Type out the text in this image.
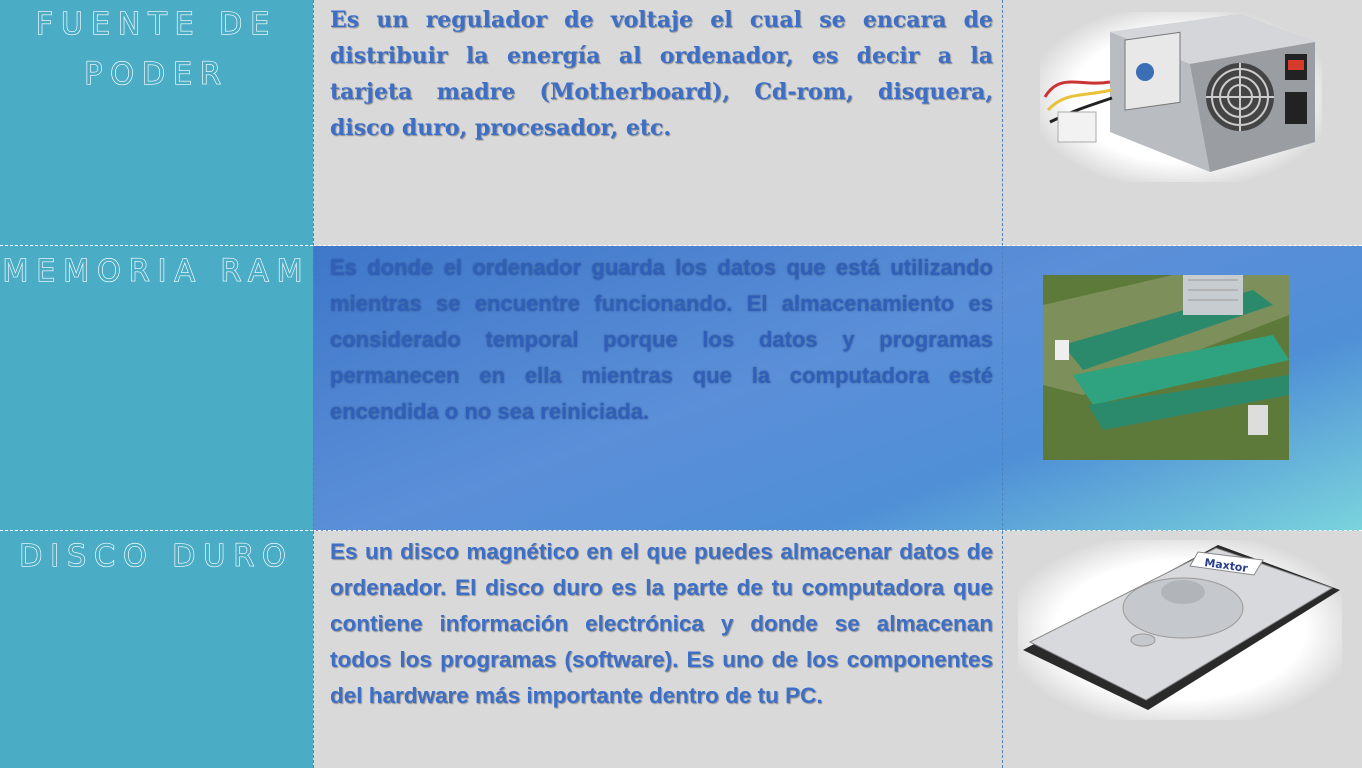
FUENTE DE
PODER
MEMORIA RAM
DISCO DURO
Es un regulador de voltaje el cual se encara de distribuir la energía al ordenador, es decir a la tarjeta madre (Motherboard), Cd-rom, disquera, disco duro, procesador, etc.
Es donde el ordenador guarda los datos que está utilizando mientras se encuentre funcionando. El almacenamiento es considerado temporal porque los datos y programas permanecen en ella mientras que la computadora esté encendida o no sea reiniciada.
Es un disco magnético en el que puedes almacenar datos de ordenador. El disco duro es la parte de tu computadora que contiene información electrónica y donde se almacenan todos los programas (software). Es uno de los componentes del hardware más importante dentro de tu PC.
Maxtor
